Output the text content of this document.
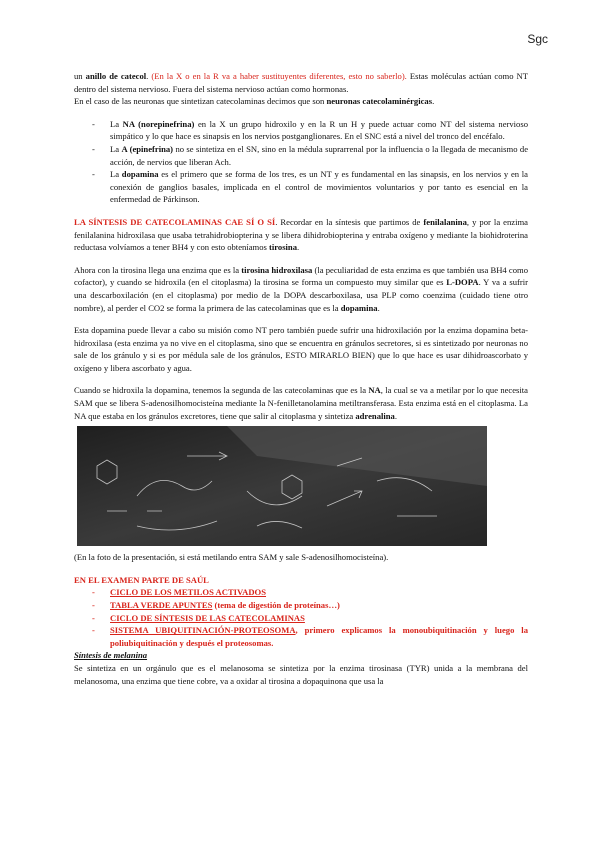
Sgc

un anillo de catecol. (En la X o en la R va a haber sustituyentes diferentes, esto no saberlo). Estas moléculas actúan como NT dentro del sistema nervioso. Fuera del sistema nervioso actúan como hormonas.

En el caso de las neuronas que sintetizan catecolaminas decimos que son neuronas catecolaminérgicas.

- La NA (norepinefrina) en la X un grupo hidroxilo y en la R un H y puede actuar como NT del sistema nervioso simpático y lo que hace es sinapsis en los nervios postganglionares. En el SNC está a nivel del tronco del encéfalo.
- La A (epinefrina) no se sintetiza en el SN, sino en la médula suprarrenal por la influencia o la llegada de mecanismo de acción, de nervios que liberan Ach.
- La dopamina es el primero que se forma de los tres, es un NT y es fundamental en las sinapsis, en los nervios y en la conexión de ganglios basales, implicada en el control de movimientos voluntarios y por tanto es esencial en la enfermedad de Párkinson.

LA SÍNTESIS DE CATECOLAMINAS CAE SÍ O SÍ. Recordar en la síntesis que partimos de fenilalanina, y por la enzima fenilalanina hidroxilasa que usaba tetrahidrobiopterina y se libera dihidrobiopterina y entraba oxígeno y mediante la biohidroterina reductasa volvíamos a tener BH4 y con esto obteníamos tirosina.

Ahora con la tirosina llega una enzima que es la tirosina hidroxilasa (la peculiaridad de esta enzima es que también usa BH4 como cofactor), y cuando se hidroxila (en el citoplasma) la tirosina se forma un compuesto muy similar que es L-DOPA. Y va a sufrir una descarboxilación (en el citoplasma) por medio de la DOPA descarboxilasa, usa PLP como coenzima (cuidado tiene otro nombre), al perder el CO2 se forma la primera de las catecolaminas que es la dopamina.

Esta dopamina puede llevar a cabo su misión como NT pero también puede sufrir una hidroxilación por la enzima dopamina beta-hidroxilasa (esta enzima ya no vive en el citoplasma, sino que se encuentra en gránulos secretores, si es sintetizado por neuronas no sale de los gránulo y si es por médula sale de los gránulos, ESTO MIRARLO BIEN) que lo que hace es usar dihidroascorbato y oxígeno y libera ascorbato y agua.

Cuando se hidroxila la dopamina, tenemos la segunda de las catecolaminas que es la NA, la cual se va a metilar por lo que necesita SAM que se libera S-adenosilhomocisteína mediante la N-fenilletanolamina metiltransferasa. Esta enzima está en el citoplasma. La NA que estaba en los gránulos excretores, tiene que salir al citoplasma y sintetiza adrenalina.

(En la foto de la presentación, si está metilando entra SAM y sale S-adenosilhomocisteína).

EN EL EXAMEN PARTE DE SAÚL

- CICLO DE LOS METILOS ACTIVADOS
- TABLA VERDE APUNTES (tema de digestión de proteínas…)
- CICLO DE SÍNTESIS DE LAS CATECOLAMINAS
- SISTEMA UBIQUITINACIÓN-PROTEOSOMA, primero explicamos la monoubiquitinación y luego la poliubiquitinación y después el proteosomas.

Síntesis de melanina

Se sintetiza en un orgánulo que es el melanosoma se sintetiza por la enzima tirosinasa (TYR) unida a la membrana del melanosoma, una enzima que tiene cobre, va a oxidar al tirosina a dopaquinona que usa la
